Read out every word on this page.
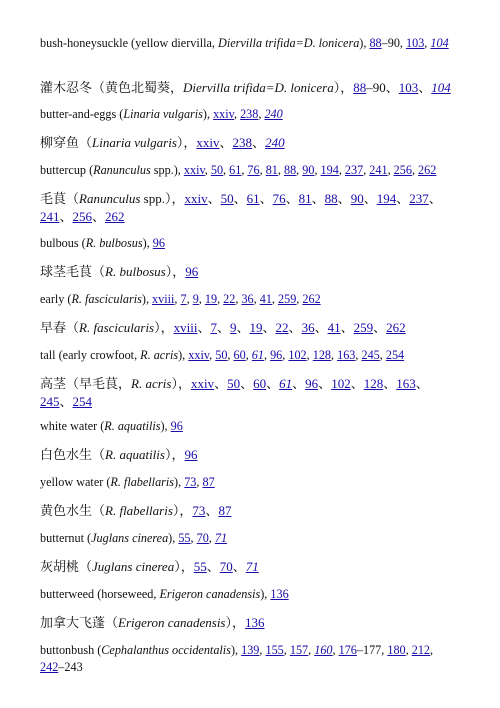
bush-honeysuckle (yellow diervilla, Diervilla trifida=D. lonicera), 88–90, 103, 104

灌木忍冬（黄色北蜀葵，Diervilla trifida=D. lonicera），88–90、103、104

butter-and-eggs (Linaria vulgaris), xxiv, 238, 240

柳穿鱼（Linaria vulgaris），xxiv、238、240

buttercup (Ranunculus spp.), xxiv, 50, 61, 76, 81, 88, 90, 194, 237, 241, 256, 262

毛茛（Ranunculus spp.），xxiv、50、61、76、81、88、90、194、237、241、256、262

bulbous (R. bulbosus), 96

球茎毛茛（R. bulbosus），96

early (R. fascicularis), xviii, 7, 9, 19, 22, 36, 41, 259, 262

早春（R. fascicularis），xviii、7、9、19、22、36、41、259、262

tall (early crowfoot, R. acris), xxiv, 50, 60, 61, 96, 102, 128, 163, 245, 254

高茎（早毛茛，R. acris），xxiv、50、60、61、96、102、128、163、245、254

white water (R. aquatilis), 96

白色水生（R. aquatilis），96

yellow water (R. flabellaris), 73, 87

黄色水生（R. flabellaris），73、87

butternut (Juglans cinerea), 55, 70, 71

灰胡桃（Juglans cinerea），55、70、71

butterweed (horseweed, Erigeron canadensis), 136

加拿大飞蓬（Erigeron canadensis），136

buttonbush (Cephalanthus occidentalis), 139, 155, 157, 160, 176–177, 180, 212, 242–243
